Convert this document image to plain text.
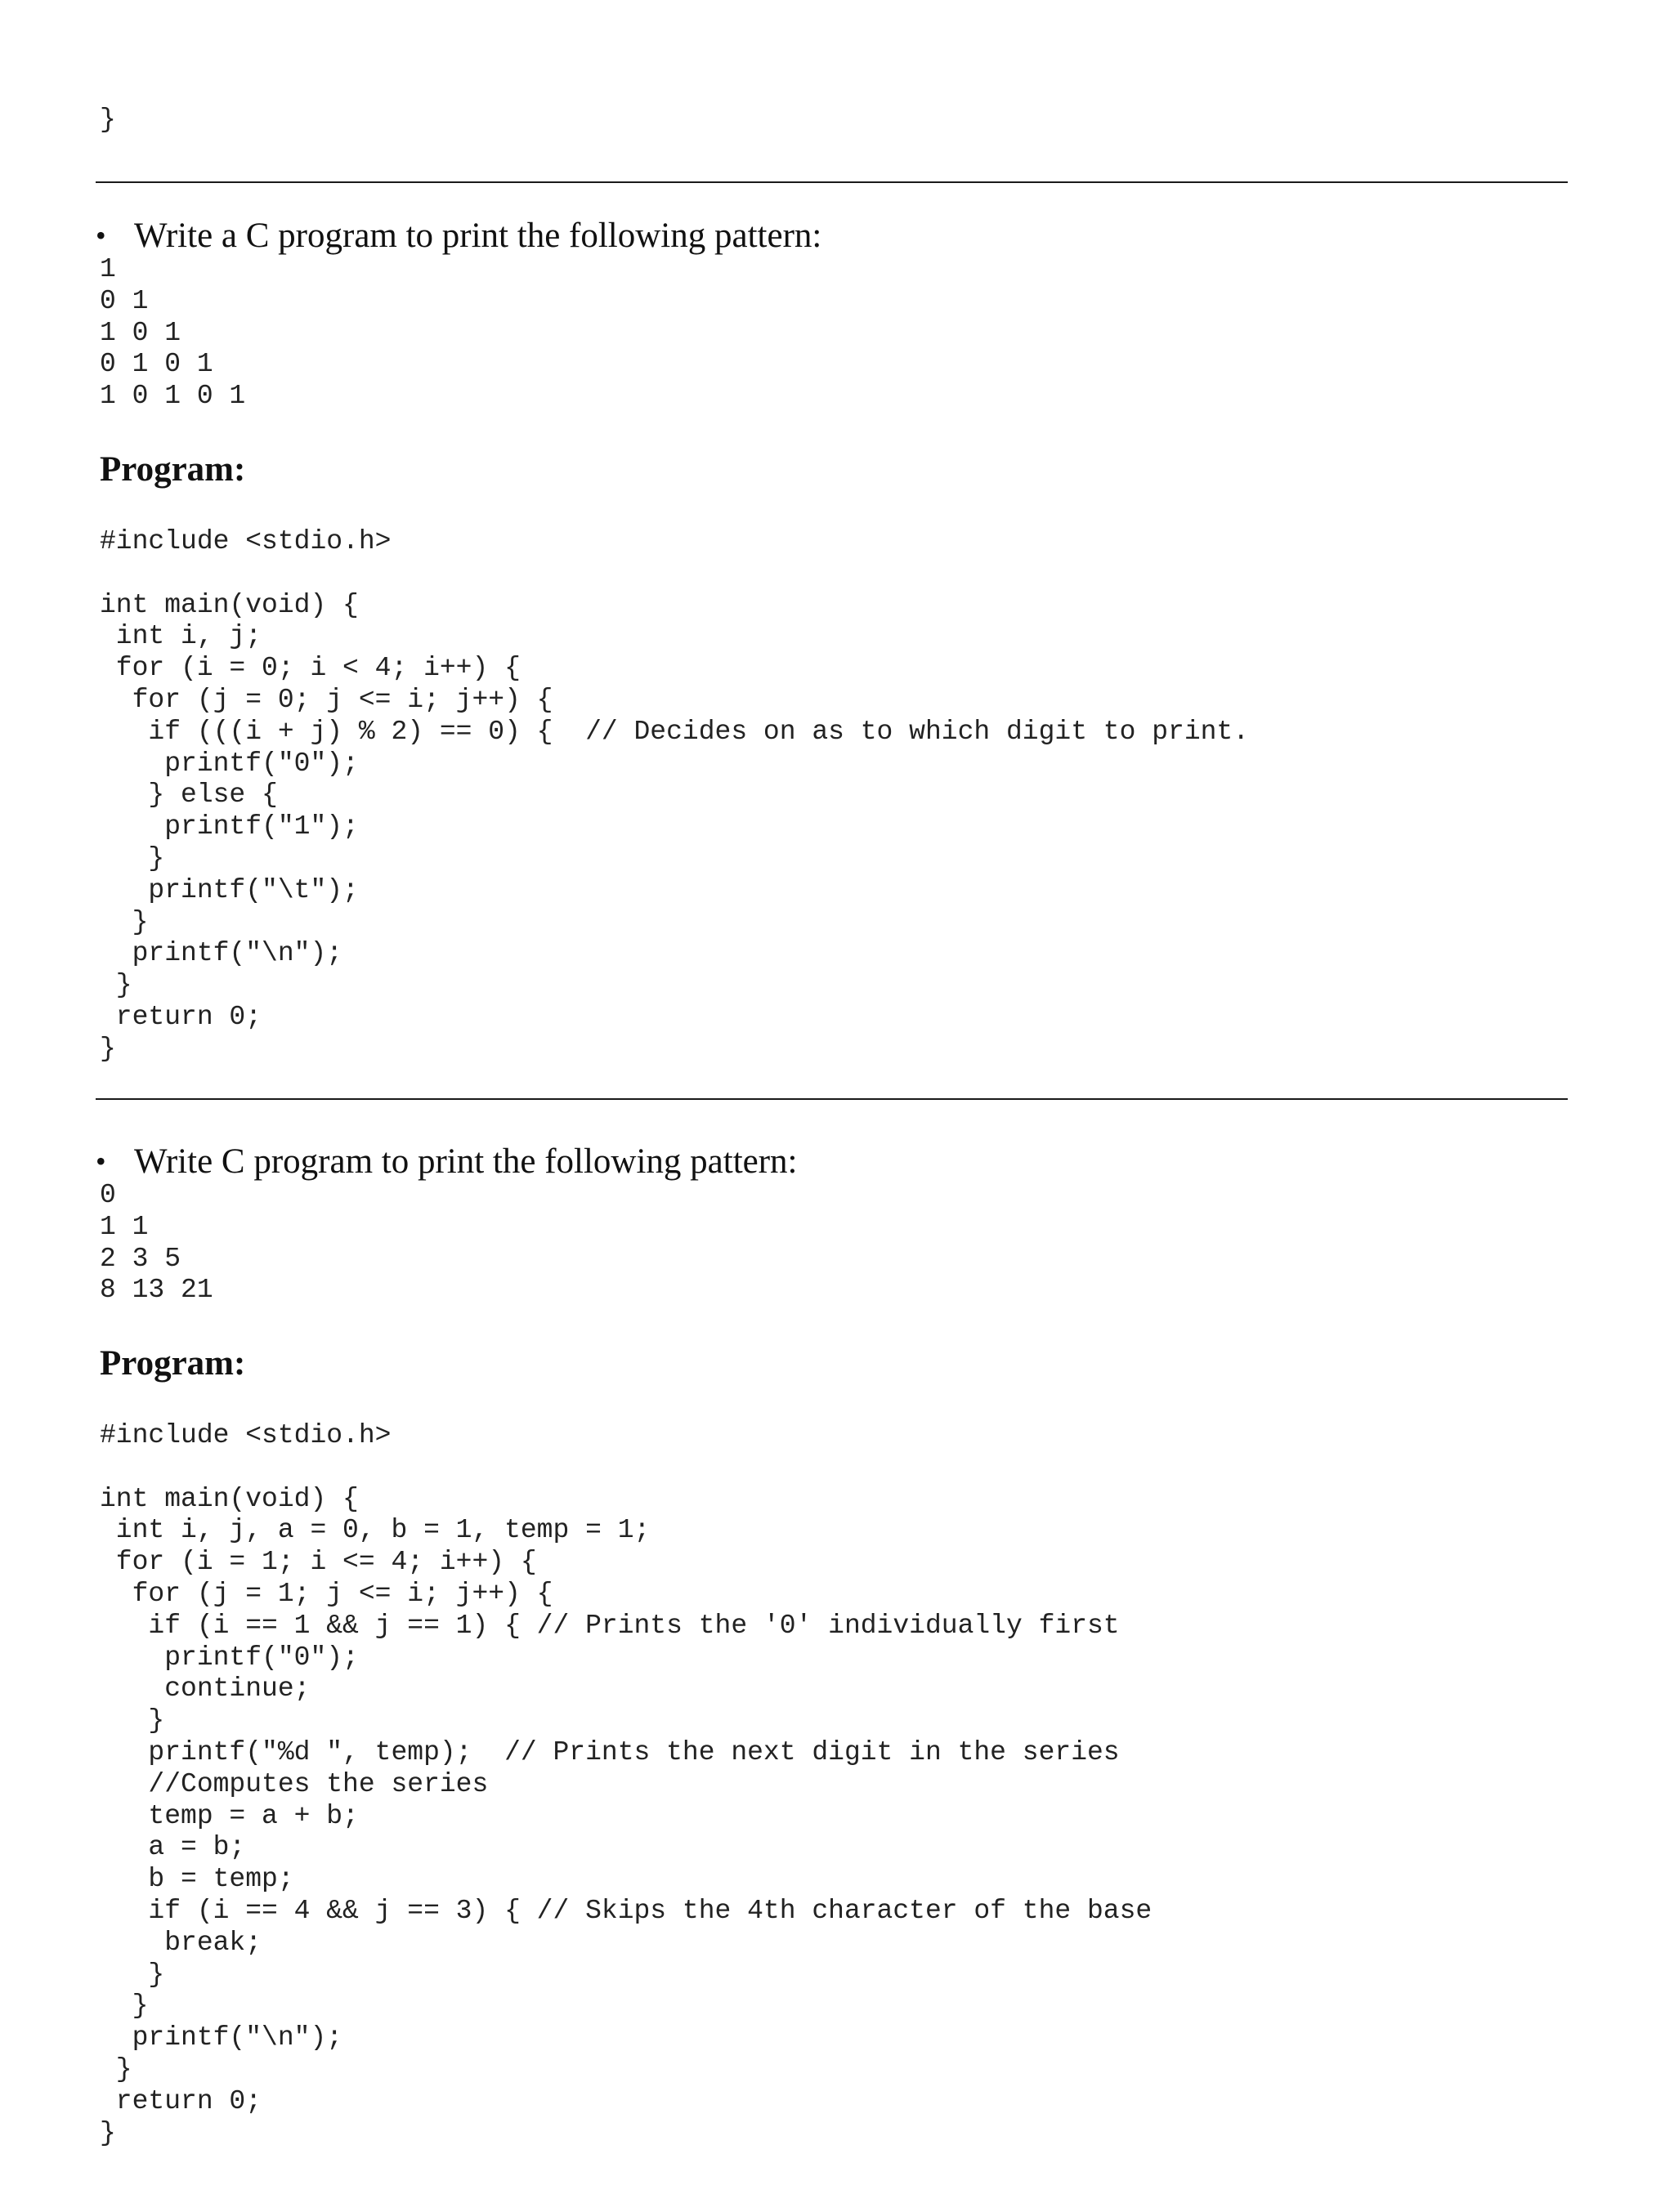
}
• Write a C program to print the following pattern:
1
0 1
1 0 1
0 1 0 1
1 0 1 0 1
Program:
#include <stdio.h>

int main(void) {
int i, j;
for (i = 0; i < 4; i++) {
for (j = 0; j <= i; j++) {
if (((i + j) % 2) == 0) {  // Decides on as to which digit to print.
printf("0");
} else {
printf("1");
}
printf("\t");
}
printf("\n");
}
return 0;
}
• Write C program to print the following pattern:
0
1 1
2 3 5
8 13 21
Program:
#include <stdio.h>

int main(void) {
int i, j, a = 0, b = 1, temp = 1;
for (i = 1; i <= 4; i++) {
for (j = 1; j <= i; j++) {
if (i == 1 && j == 1) { // Prints the '0' individually first
printf("0");
continue;
}
printf("%d ", temp);  // Prints the next digit in the series
//Computes the series
temp = a + b;
a = b;
b = temp;
if (i == 4 && j == 3) { // Skips the 4th character of the base
break;
}
}
printf("\n");
}
return 0;
}
